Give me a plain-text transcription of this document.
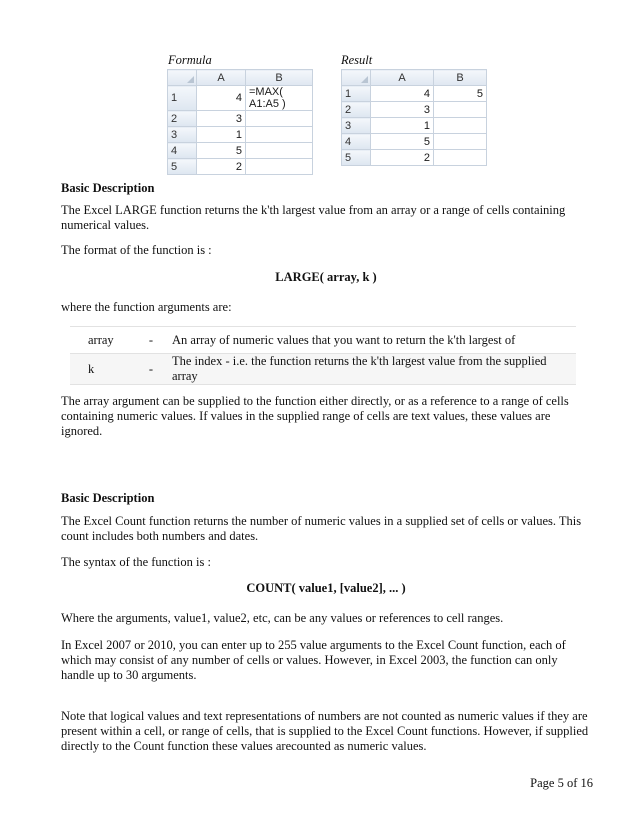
Formula	Result
	A	B
1	4	=MAX( A1:A5 )
2	3	
3	1	
4	5	
5	2	
	A	B
1	4	5
2	3	
3	1	
4	5	
5	2	
Basic Description
The Excel LARGE function returns the k'th largest value from an array or a range of cells containing numerical values.
The format of the function is :
LARGE( array, k )
where the function arguments are:
array	-	An array of numeric values that you want to return the k'th largest of
k	-	The index - i.e. the function returns the k'th largest value from the supplied array
The array argument can be supplied to the function either directly, or as a reference to a range of cells containing numeric values. If values in the supplied range of cells are text values, these values are ignored.
Basic Description
The Excel Count function returns the number of numeric values in a supplied set of cells or values. This count includes both numbers and dates.
The syntax of the function is :
COUNT( value1, [value2], ... )
Where the arguments, value1, value2, etc, can be any values or references to cell ranges.
In Excel 2007 or 2010, you can enter up to 255 value arguments to the Excel Count function, each of which may consist of any number of cells or values. However, in Excel 2003, the function can only handle up to 30 arguments.
Note that logical values and text representations of numbers are not counted as numeric values if they are present within a cell, or range of cells, that is supplied to the Excel Count functions. However, if supplied directly to the Count function these values arecounted as numeric values.
Page 5 of 16
